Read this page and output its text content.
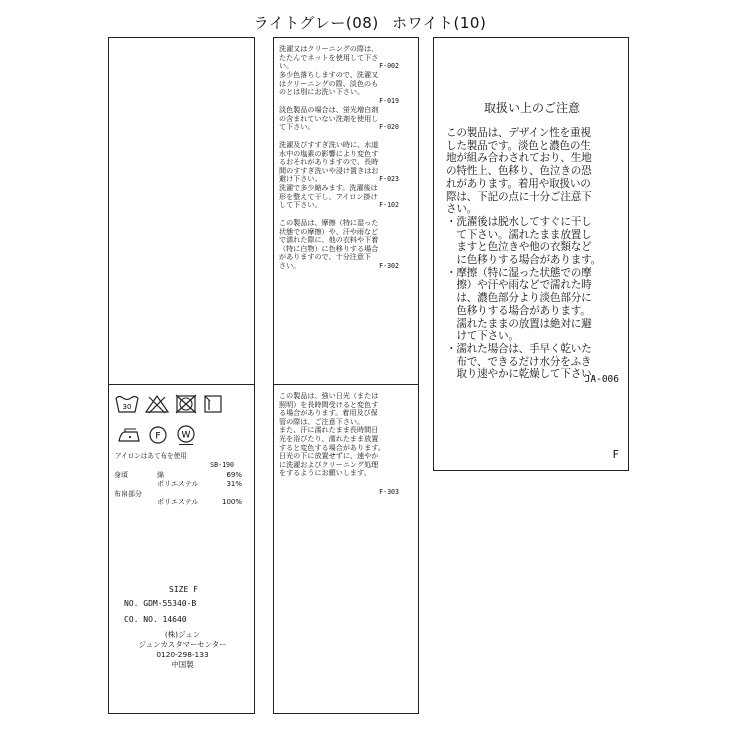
ライトグレー(08) ホワイト(10)
30
F W
アイロンはあて布を使用
SB-190
身頃	綿	69%
ポリエステル	31%
布帛部分
ポリエステル	100%
SIZE F
NO. GDM-55340-B
CO. NO. 14640
(株)ジュン
ジュンカスタマーセンター
0120-298-133
中国製
洗濯又はクリーニングの際は、
たたんでネットを使用して下さ
い。	F-002
多少色落ちしますので、洗濯又
はクリーニングの際、淡色のも
のとは別にお洗い下さい。
F-019
淡色製品の場合は、蛍光増白剤
の含まれていない洗剤を使用し
て下さい。	F-020
洗濯及びすすぎ洗い時に、水道
水中の塩素の影響により変色す
るおそれがありますので、長時
間のすすぎ洗いや浸け置きはお
避け下さい。	F-023
洗濯で多少縮みます。洗濯後は
形を整えて干し、アイロン掛け
して下さい。	F-102
この製品は、摩擦（特に湿った
状態での摩擦）や、汗や雨など
で濡れた際に、他の衣料や下着
（特に白物）に色移りする場合
がありますので、十分注意下
さい。	F-302
この製品は、強い日光（または
照明）を長時間受けると変色す
る場合があります。着用及び保
管の際は、ご注意下さい。
また、汗に濡れたまま長時間日
光を浴びたり、濡れたまま放置
すると変色する場合があります。
日光の下に放置せずに、速やか
に洗濯およびクリーニング処理
をするようにお願いします。
F-303
取扱い上のご注意
この製品は、デザイン性を重視
した製品です。淡色と濃色の生
地が組み合わされており、生地
の特性上、色移り、色泣きの恐
れがあります。着用や取扱いの
際は、下記の点に十分ご注意下
さい。
・洗濯後は脱水してすぐに干し
　て下さい。濡れたまま放置し
　ますと色泣きや他の衣類など
　に色移りする場合があります。
・摩擦（特に湿った状態での摩
　擦）や汗や雨などで濡れた時
　は、濃色部分より淡色部分に
　色移りする場合があります。
　濡れたままの放置は絶対に避
　けて下さい。
・濡れた場合は、手早く乾いた
　布で、できるだけ水分をふき
　取り速やかに乾燥して下さい。
JA-006
F
